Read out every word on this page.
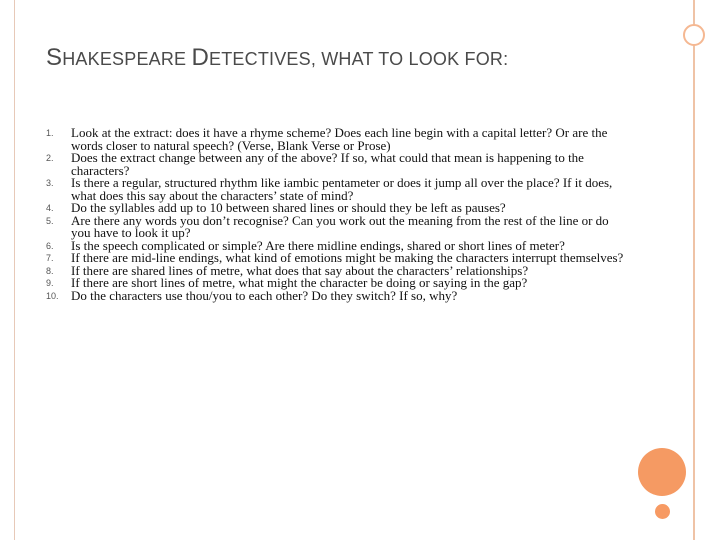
SHAKESPEARE DETECTIVES, WHAT TO LOOK FOR:
1.	Look at the extract: does it have a rhyme scheme? Does each line begin with a capital letter? Or are the words closer to natural speech? (Verse, Blank Verse or Prose)
2.	Does the extract change between any of the above? If so, what could that mean is happening to the characters?
3.	Is there a regular, structured rhythm like iambic pentameter or does it jump all over the place? If it does, what does this say about the characters’ state of mind?
4.	Do the syllables add up to 10 between shared lines or should they be left as pauses?
5.	Are there any words you don’t recognise? Can you work out the meaning from the rest of the line or do you have to look it up?
6.	Is the speech complicated or simple? Are there midline endings, shared or short lines of meter?
7.	If there are mid-line endings, what kind of emotions might be making the characters interrupt themselves?
8.	If there are shared lines of metre, what does that say about the characters’ relationships?
9.	If there are short lines of metre, what might the character be doing or saying in the gap?
10. Do the characters use thou/you to each other? Do they switch? If so, why?
